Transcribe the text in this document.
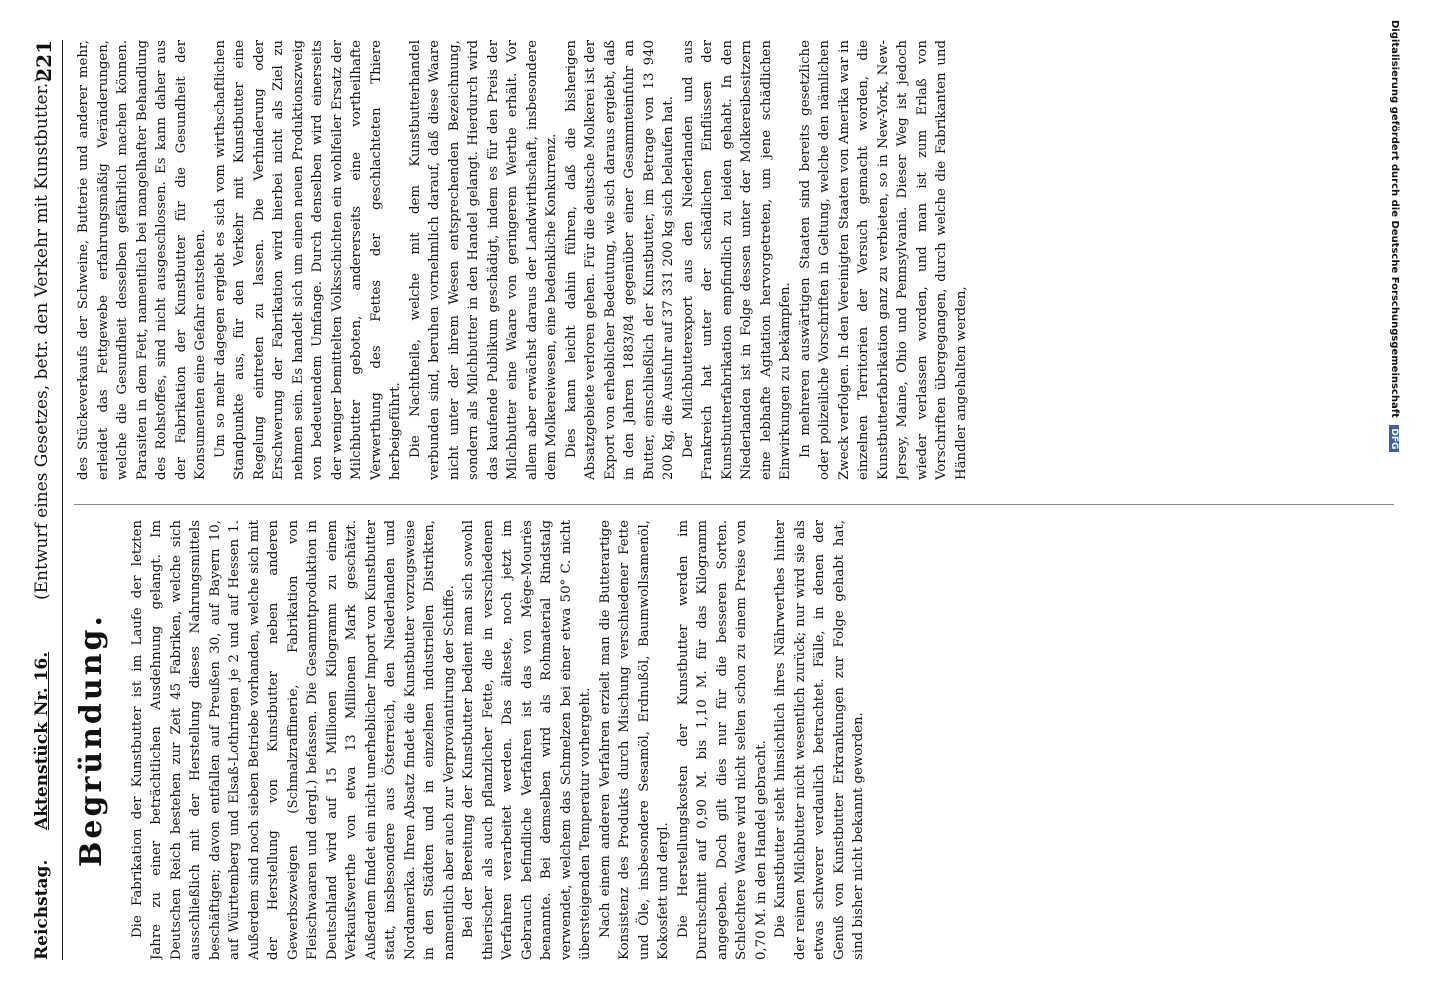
Reichstag.
Aktenstück Nr. 16.
(Entwurf eines Gesetzes, betr. den Verkehr mit Kunstbutter.)
221
Begründung. Die Fabrikation der Kunstbutter ist im Laufe der letzten Jahre zu einer beträchtlichen Ausdehnung gelangt. Im Deutschen Reich bestehen zur Zeit 45 Fabriken, welche sich ausschließlich mit der Herstellung dieses Nahrungsmittels beschäftigen; davon entfallen auf Preußen 30, auf Bayern 10, auf Württemberg und Elsaß-Lothringen je 2 und auf Hessen 1. Außerdem sind noch sieben Betriebe vorhanden, welche sich mit der Herstellung von Kunstbutter neben anderen Gewerbszweigen (Schmalzraffinerie, Fabrikation von Fleischwaaren und dergl.) befassen. Die Gesammtproduktion in Deutschland wird auf 15 Millionen Kilogramm zu einem Verkaufswerthe von etwa 13 Millionen Mark geschätzt. Außerdem findet ein nicht unerheblicher Import von Kunstbutter statt, insbesondere aus Österreich, den Niederlanden und Nordamerika. Ihren Absatz findet die Kunstbutter vorzugsweise in den Städten und in einzelnen industriellen Distrikten, namentlich aber auch zur Verproviantirung der Schiffe. Bei der Bereitung der Kunstbutter bedient man sich sowohl thierischer als auch pflanzlicher Fette, die in verschiedenen Verfahren verarbeitet werden. Das älteste, noch jetzt im Gebrauch befindliche Verfahren ist das von Mège-Mouriès benannte. Bei demselben wird als Rohmaterial Rindstalg verwendet, welchem das Schmelzen bei einer etwa 50° C. nicht übersteigenden Temperatur vorhergeht. Nach einem anderen Verfahren erzielt man die Butterartige Konsistenz des Produkts durch Mischung verschiedener Fette und Öle, insbesondere Sesamöl, Erdnußöl, Baumwollsamenöl, Kokosfett und dergl. Die Herstellungskosten der Kunstbutter werden im Durchschnitt auf 0,90 M. bis 1,10 M. für das Kilogramm angegeben. Doch gilt dies nur für die besseren Sorten. Schlechtere Waare wird nicht selten schon zu einem Preise von 0,70 M. in den Handel gebracht. Die Kunstbutter steht hinsichtlich ihres Nährwerthes hinter der reinen Milchbutter nicht wesentlich zurück; nur wird sie als etwas schwerer verdaulich betrachtet. Fälle, in denen der Genuß von Kunstbutter Erkrankungen zur Folge gehabt hat, sind bisher nicht bekannt geworden.

des Stückeverkaufs der Schweine, Butterie und anderer mehr, erleidet das Fettgewebe erfahrungsmäßig Veränderungen, welche die Gesundheit desselben gefährlich machen können. Parasiten in dem Fett, namentlich bei mangelhafter Behandlung des Rohstoffes, sind nicht ausgeschlossen. Es kann daher aus der Fabrikation der Kunstbutter für die Gesundheit der Konsumenten eine Gefahr entstehen. Um so mehr dagegen ergiebt es sich vom wirthschaftlichen Standpunkte aus, für den Verkehr mit Kunstbutter eine Regelung eintreten zu lassen. Die Verhinderung oder Erschwerung der Fabrikation wird hierbei nicht als Ziel zu nehmen sein. Es handelt sich um einen neuen Produktionszweig von bedeutendem Umfange. Durch denselben wird einerseits der weniger bemittelten Volksschichten ein wohlfeiler Ersatz der Milchbutter geboten, andererseits eine vortheilhafte Verwerthung des Fettes der geschlachteten Thiere herbeigeführt. Die Nachtheile, welche mit dem Kunstbutterhandel verbunden sind, beruhen vornehmlich darauf, daß diese Waare nicht unter der ihrem Wesen entsprechenden Bezeichnung, sondern als Milchbutter in den Handel gelangt. Hierdurch wird das kaufende Publikum geschädigt, indem es für den Preis der Milchbutter eine Waare von geringerem Werthe erhält. Vor allem aber erwächst daraus der Landwirthschaft, insbesondere dem Molkereiwesen, eine bedenkliche Konkurrenz. Dies kann leicht dahin führen, daß die bisherigen Absatzgebiete verloren gehen. Für die deutsche Molkerei ist der Export von erheblicher Bedeutung, wie sich daraus ergiebt, daß in den Jahren 1883/84 gegenüber einer Gesammteinfuhr an Butter, einschließlich der Kunstbutter, im Betrage von 13 940 200 kg, die Ausfuhr auf 37 331 200 kg sich belaufen hat. Der Milchbutterexport aus den Niederlanden und aus Frankreich hat unter der schädlichen Einflüssen der Kunstbutterfabrikation empfindlich zu leiden gehabt. In den Niederlanden ist in Folge dessen unter der Molkereibesitzern eine lebhafte Agitation hervorgetreten, um jene schädlichen Einwirkungen zu bekämpfen. In mehreren auswärtigen Staaten sind bereits gesetzliche oder polizeiliche Vorschriften in Geltung, welche den nämlichen Zweck verfolgen. In den Vereinigten Staaten von Amerika war in einzelnen Territorien der Versuch gemacht worden, die Kunstbutterfabrikation ganz zu verbieten, so in New-York, New-Jersey, Maine, Ohio und Pennsylvania. Dieser Weg ist jedoch wieder verlassen worden, und man ist zum Erlaß von Vorschriften übergegangen, durch welche die Fabrikanten und Händler angehalten werden,	Digitalisierung gefördert durch die Deutsche Forschungsgemeinschaft DFG
